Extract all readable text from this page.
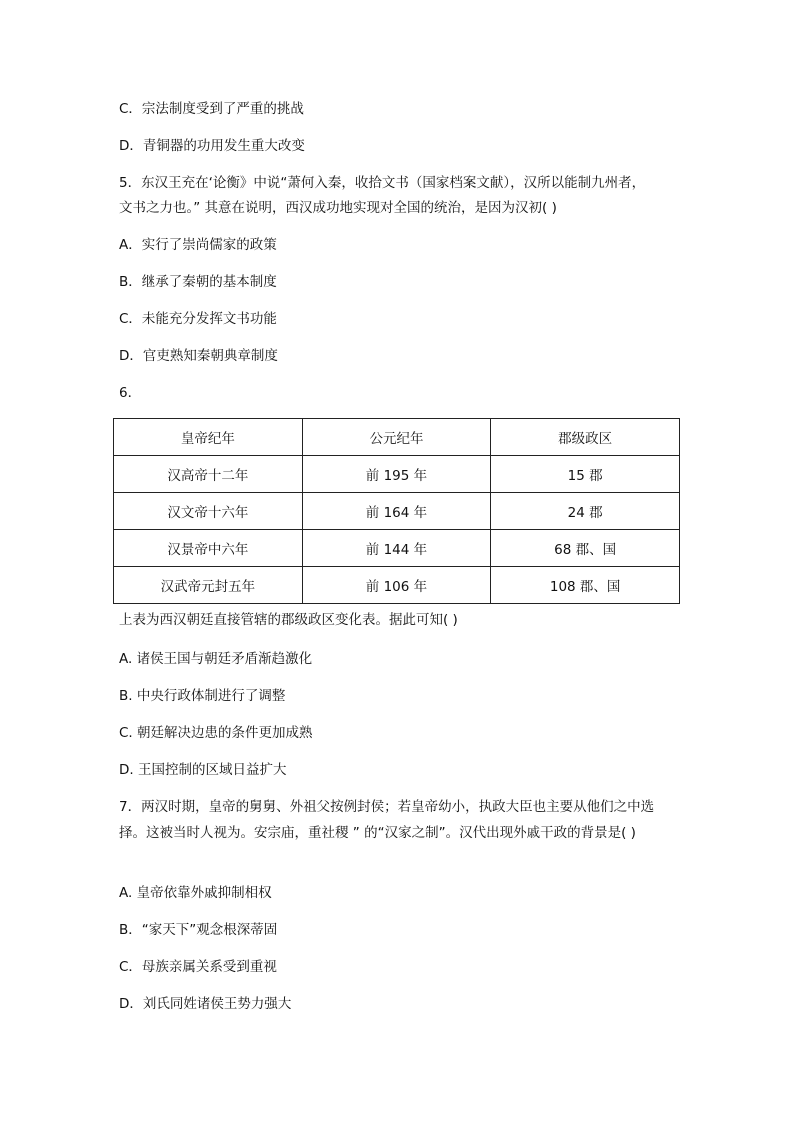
C．宗法制度受到了严重的挑战
D．青铜器的功用发生重大改变
5．东汉王充在‘论衡》中说“萧何入秦，收拾文书（国家档案文献），汉所以能制九州者，
文书之力也。” 其意在说明，西汉成功地实现对全国的统治，是因为汉初( )
A．实行了崇尚儒家的政策
B．继承了秦朝的基本制度
C．未能充分发挥文书功能
D．官吏熟知秦朝典章制度
6．
皇帝纪年	公元纪年	郡级政区
汉高帝十二年	前 195 年	15 郡
汉文帝十六年	前 164 年	24 郡
汉景帝中六年	前 144 年	68 郡、国
汉武帝元封五年	前 106 年	108 郡、国
上表为西汉朝廷直接管辖的郡级政区变化表。据此可知( )
A. 诸侯王国与朝廷矛盾渐趋激化
B. 中央行政体制进行了调整
C. 朝廷解决边患的条件更加成熟
D. 王国控制的区域日益扩大
7．两汉时期，皇帝的舅舅、外祖父按例封侯；若皇帝幼小，执政大臣也主要从他们之中选择。这被当时人视为。安宗庙，重社稷 ” 的“汉家之制”。汉代出现外戚干政的背景是( )
A. 皇帝依靠外戚抑制相权
B．“家天下”观念根深蒂固
C．母族亲属关系受到重视
D．刘氏同姓诸侯王势力强大
